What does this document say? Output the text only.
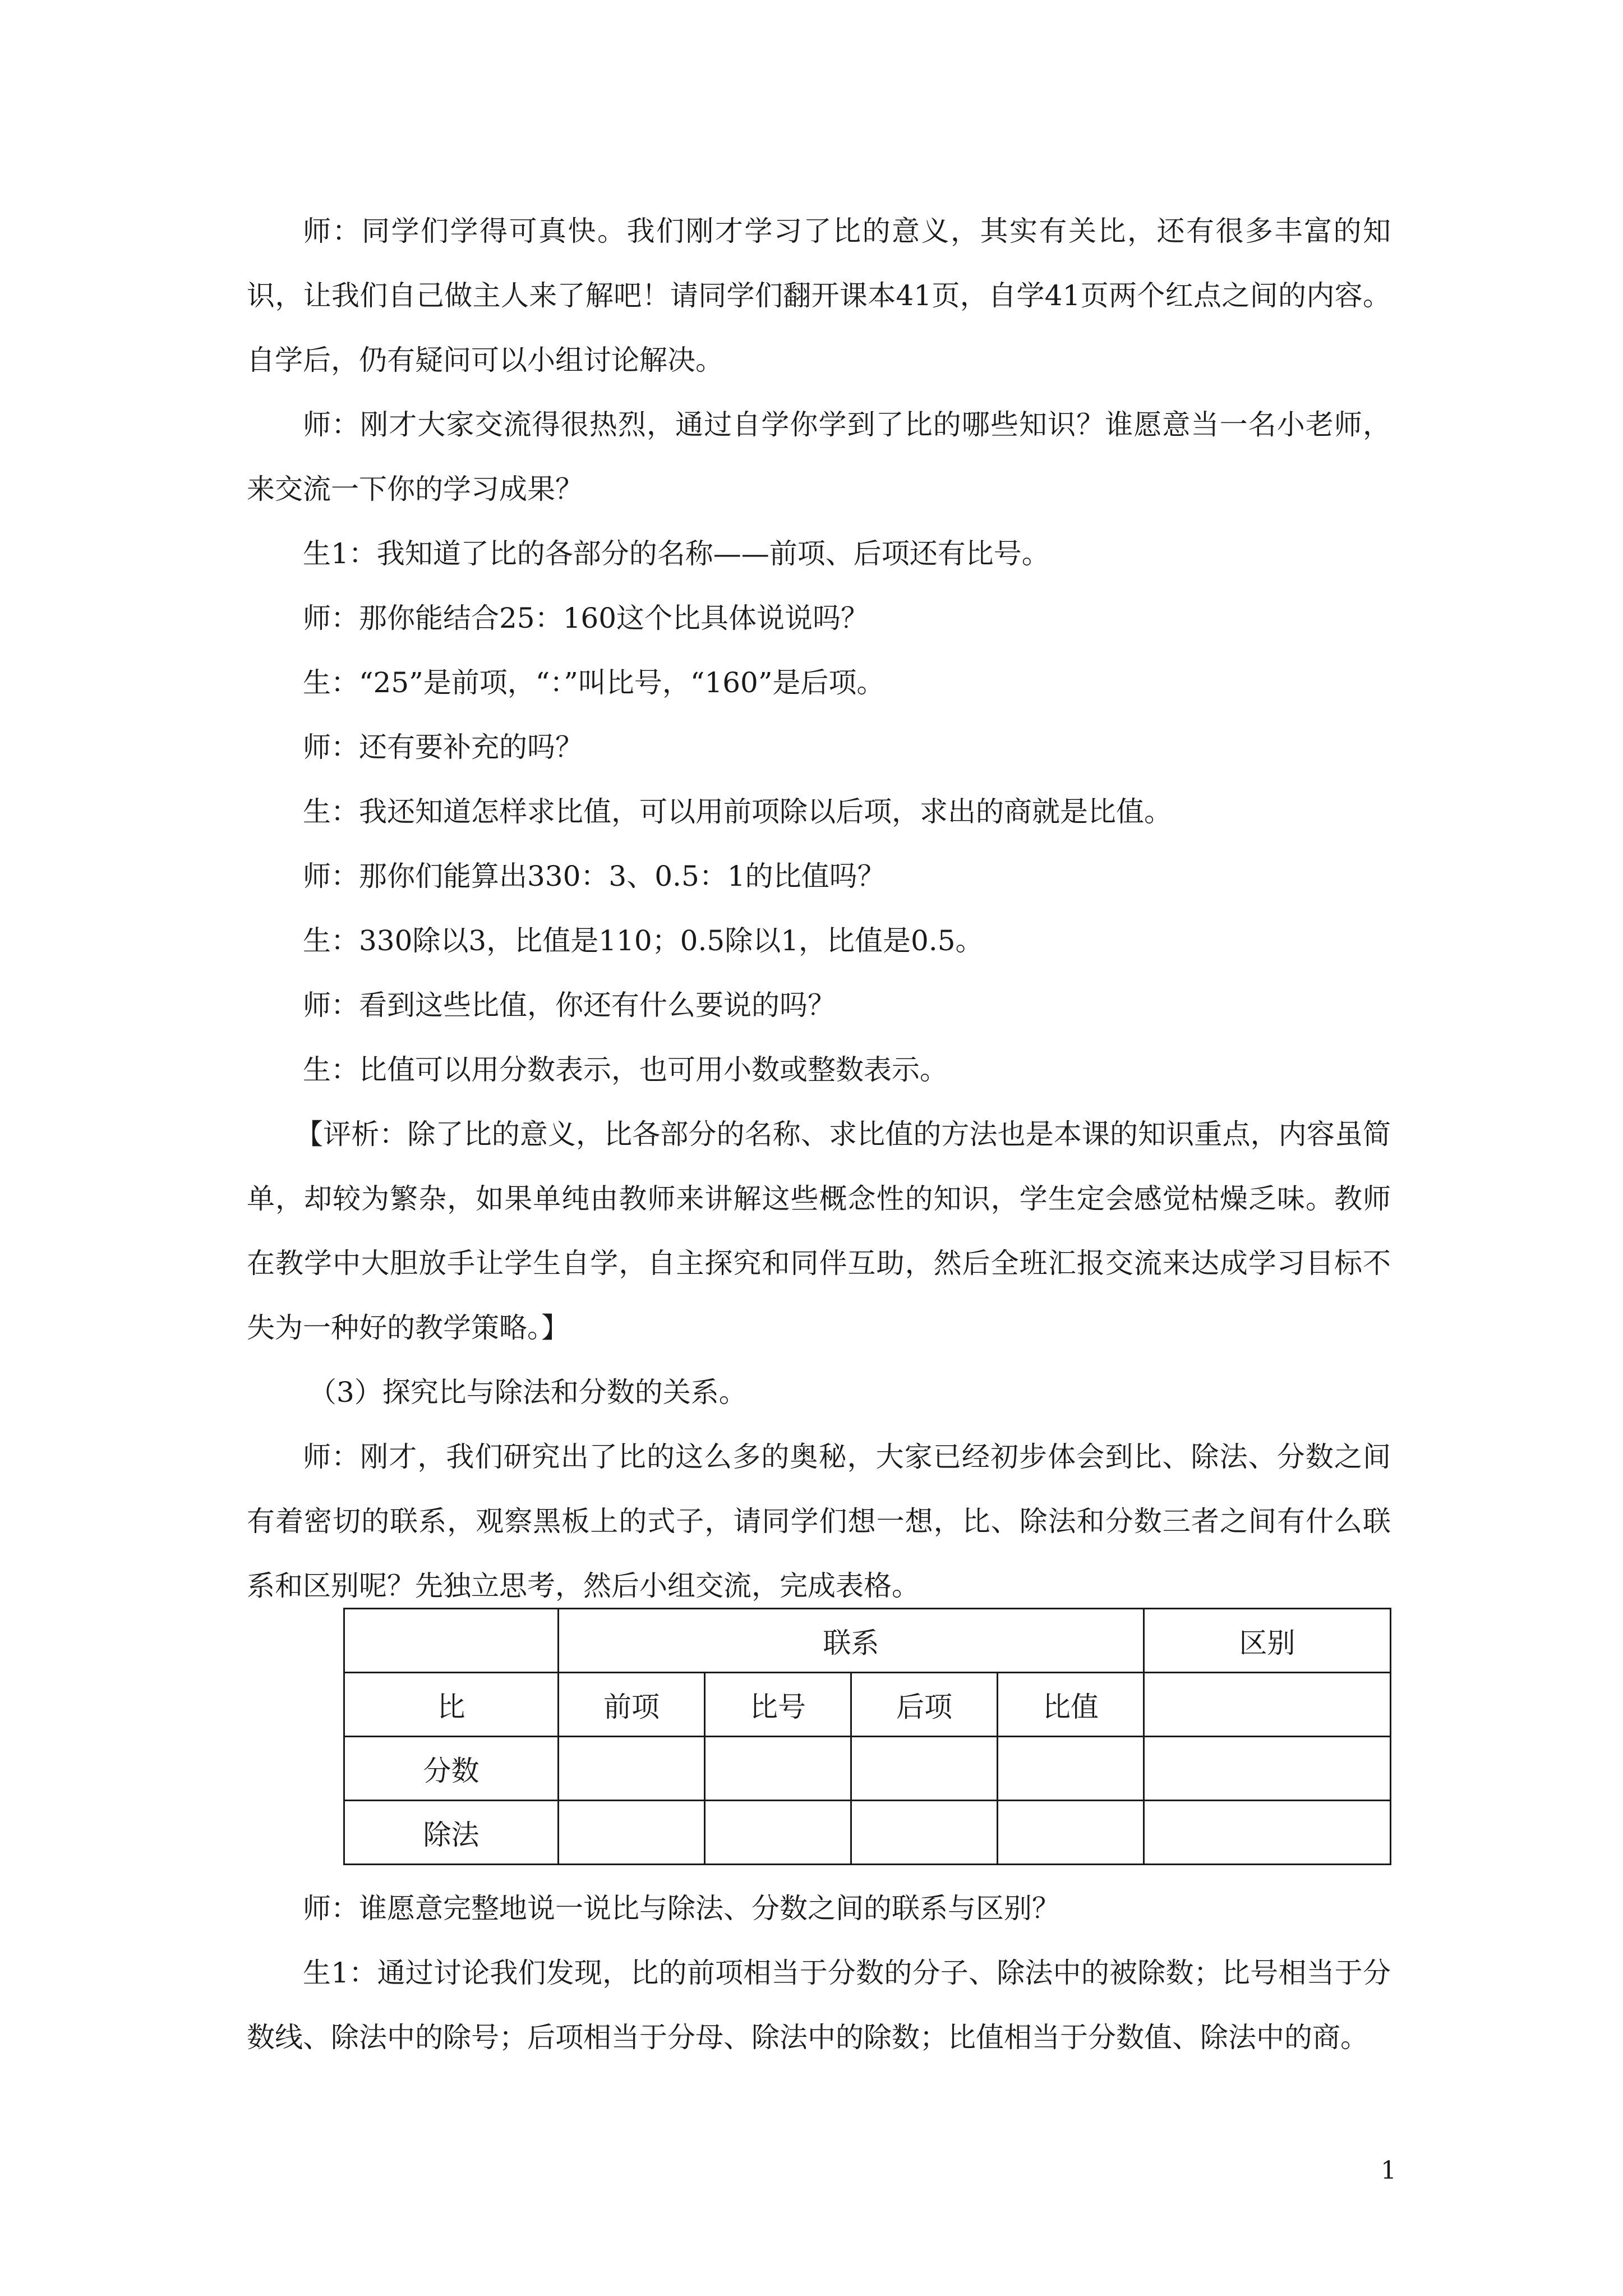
师：同学们学得可真快。我们刚才学习了比的意义，其实有关比，还有很多丰富的知识，让我们自己做主人来了解吧！请同学们翻开课本41页，自学41页两个红点之间的内容。自学后，仍有疑问可以小组讨论解决。

师：刚才大家交流得很热烈，通过自学你学到了比的哪些知识？谁愿意当一名小老师，来交流一下你的学习成果？

生1：我知道了比的各部分的名称——前项、后项还有比号。

师：那你能结合25：160这个比具体说说吗？

生：“25”是前项，“：”叫比号，“160”是后项。

师：还有要补充的吗？

生：我还知道怎样求比值，可以用前项除以后项，求出的商就是比值。

师：那你们能算出330：3、0.5：1的比值吗？

生：330除以3，比值是110；0.5除以1，比值是0.5。

师：看到这些比值，你还有什么要说的吗？

生：比值可以用分数表示，也可用小数或整数表示。

【评析：除了比的意义，比各部分的名称、求比值的方法也是本课的知识重点，内容虽简单，却较为繁杂，如果单纯由教师来讲解这些概念性的知识，学生定会感觉枯燥乏味。教师在教学中大胆放手让学生自学，自主探究和同伴互助，然后全班汇报交流来达成学习目标不失为一种好的教学策略。】

（3）探究比与除法和分数的关系。

师：刚才，我们研究出了比的这么多的奥秘，大家已经初步体会到比、除法、分数之间有着密切的联系，观察黑板上的式子，请同学们想一想，比、除法和分数三者之间有什么联系和区别呢？先独立思考，然后小组交流，完成表格。

	联系				区别
比	前项	比号	后项	比值	
分数					
除法					

师：谁愿意完整地说一说比与除法、分数之间的联系与区别？

生1：通过讨论我们发现，比的前项相当于分数的分子、除法中的被除数；比号相当于分数线、除法中的除号；后项相当于分母、除法中的除数；比值相当于分数值、除法中的商。

1
